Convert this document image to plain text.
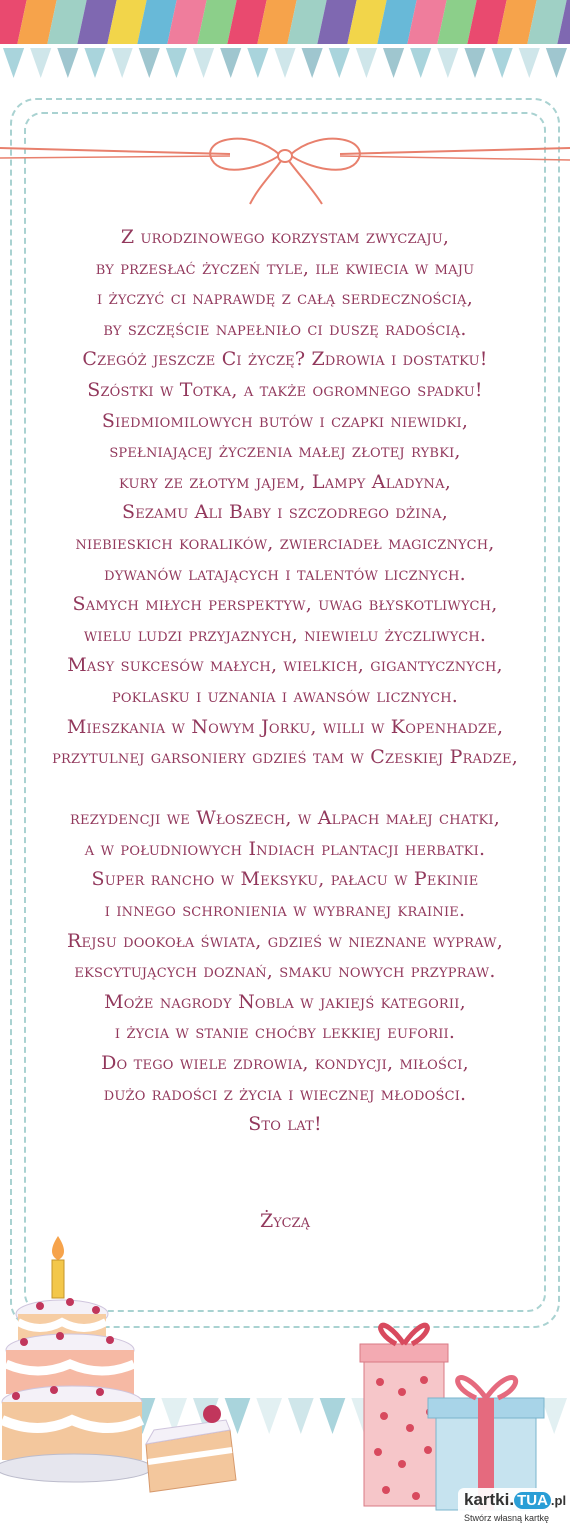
Z urodzinowego korzystam zwyczaju,
by przesłać życzeń tyle, ile kwiecia w maju
i życzyć ci naprawdę z całą serdecznością,
by szczęście napełniło ci duszę radością.
Czegóż jeszcze Ci życzę? Zdrowia i dostatku!
Szóstki w Totka, a także ogromnego spadku!
Siedmiomilowych butów i czapki niewidki,
spełniającej życzenia małej złotej rybki,
kury ze złotym jajem, Lampy Aladyna,
Sezamu Ali Baby i szczodrego dżina,
niebieskich koralików, zwierciadeł magicznych,
dywanów latających i talentów licznych.
Samych miłych perspektyw, uwag błyskotliwych,
wielu ludzi przyjaznych, niewielu życzliwych.
Masy sukcesów małych, wielkich, gigantycznych,
poklasku i uznania i awansów licznych.
Mieszkania w Nowym Jorku, willi w Kopenhadze,
przytulnej garsoniery gdzieś tam w Czeskiej Pradze,
rezydencji we Włoszech, w Alpach małej chatki,
a w południowych Indiach plantacji herbatki.
Super rancho w Meksyku, pałacu w Pekinie
i innego schronienia w wybranej krainie.
Rejsu dookoła świata, gdzieś w nieznane wypraw,
ekscytujących doznań, smaku nowych przypraw.
Może nagrody Nobla w jakiejś kategorii,
i życia w stanie choćby lekkiej euforii.
Do tego wiele zdrowia, kondycji, miłości,
dużo radości z życia i wiecznej młodości.
Sto lat!
Życzą
kartki. TUA .pl
Stwórz własną kartkę
